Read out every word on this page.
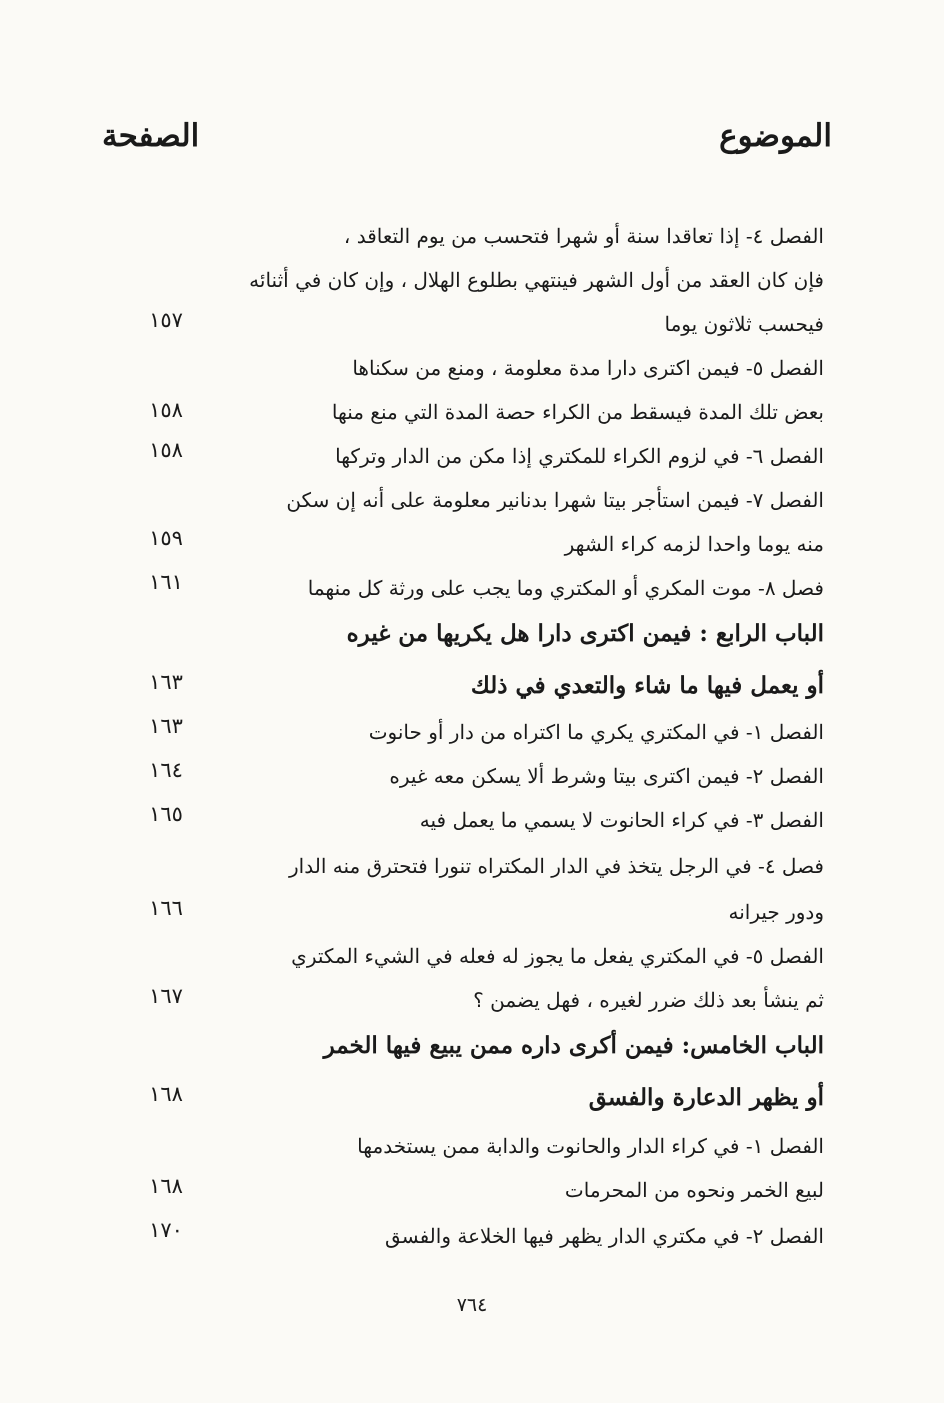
الموضوع
الصفحة
الفصل ٤- إذا تعاقدا سنة أو شهرا فتحسب من يوم التعاقد ،
فإن كان العقد من أول الشهر فينتهي بطلوع الهلال ، وإن كان في أثنائه
فيحسب ثلاثون يوما
الفصل ٥- فيمن اكترى دارا مدة معلومة ، ومنع من سكناها
بعض تلك المدة فيسقط من الكراء حصة المدة التي منع منها
الفصل ٦- في لزوم الكراء للمكتري إذا مكن من الدار وتركها
الفصل ٧- فيمن استأجر بيتا شهرا بدنانير معلومة على أنه إن سكن
منه يوما واحدا لزمه كراء الشهر
فصل ٨- موت المكري أو المكتري وما يجب على ورثة كل منهما
الباب الرابع : فيمن اكترى دارا هل يكريها من غيره
أو يعمل فيها ما شاء والتعدي في ذلك
الفصل ١- في المكتري يكري ما اكتراه من دار أو حانوت
الفصل ٢- فيمن اكترى بيتا وشرط ألا يسكن معه غيره
الفصل ٣- في كراء الحانوت لا يسمي ما يعمل فيه
فصل ٤- في الرجل يتخذ في الدار المكتراه تنورا فتحترق منه الدار
ودور جيرانه
الفصل ٥- في المكتري يفعل ما يجوز له فعله في الشيء المكتري
ثم ينشأ بعد ذلك ضرر لغيره ، فهل يضمن ؟
الباب الخامس: فيمن أكرى داره ممن يبيع فيها الخمر
أو يظهر الدعارة والفسق
الفصل ١- في كراء الدار والحانوت والدابة ممن يستخدمها
لبيع الخمر ونحوه من المحرمات
الفصل ٢- في مكتري الدار يظهر فيها الخلاعة والفسق
١٥٧
١٥٨
١٥٨
١٥٩
١٦١
١٦٣
١٦٣
١٦٤
١٦٥
١٦٦
١٦٧
١٦٨
١٦٨
١٧٠
٧٦٤
